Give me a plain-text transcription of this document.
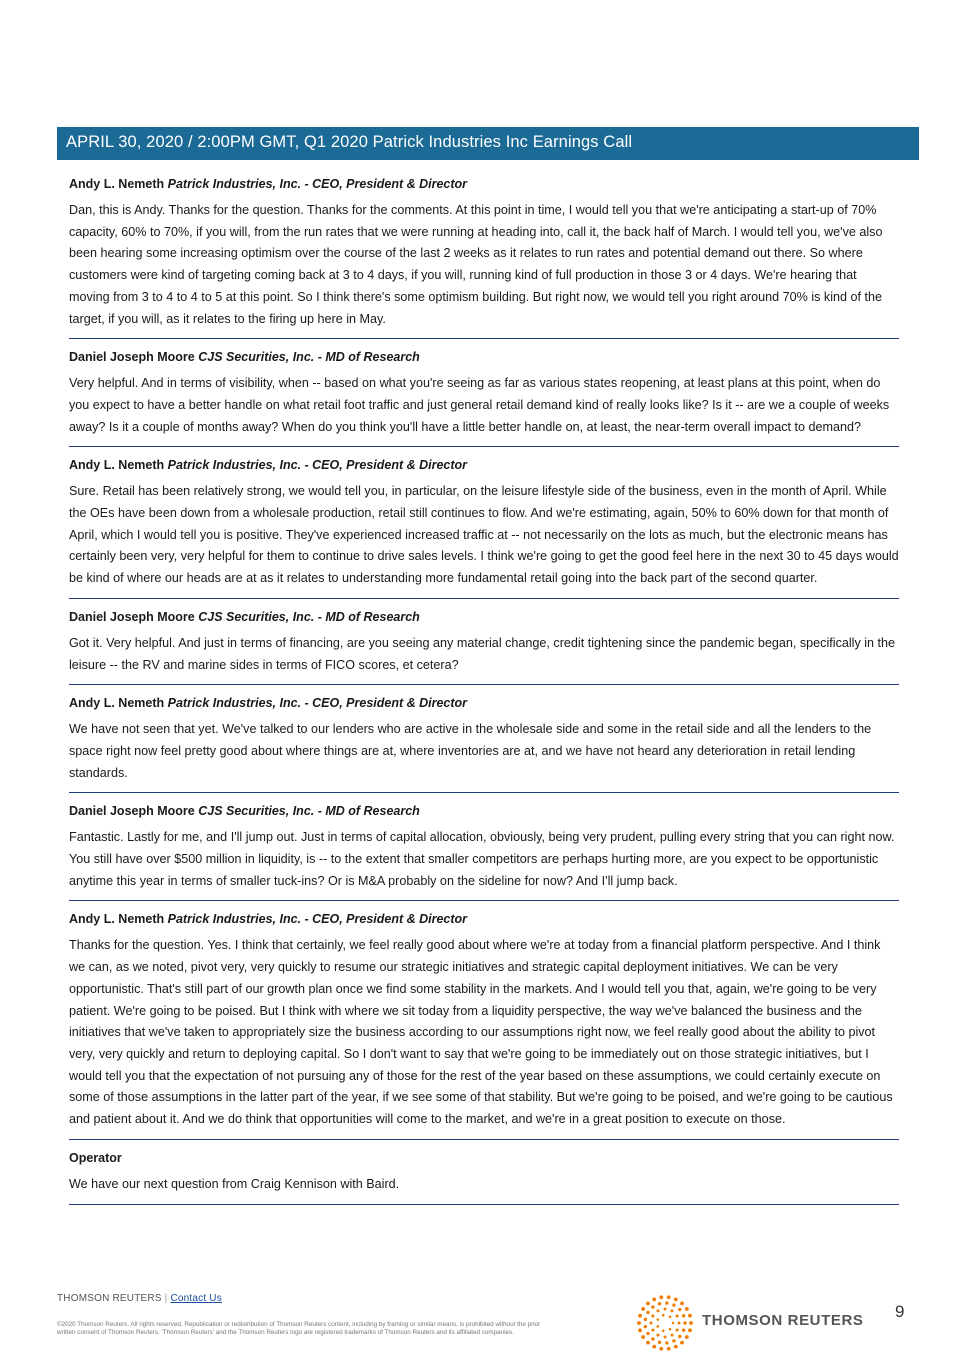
APRIL 30, 2020 / 2:00PM GMT, Q1 2020 Patrick Industries Inc Earnings Call

Andy L. Nemeth Patrick Industries, Inc. - CEO, President & Director

Dan, this is Andy. Thanks for the question. Thanks for the comments. At this point in time, I would tell you that we're anticipating a start-up of 70% capacity, 60% to 70%, if you will, from the run rates that we were running at heading into, call it, the back half of March. I would tell you, we've also been hearing some increasing optimism over the course of the last 2 weeks as it relates to run rates and potential demand out there. So where customers were kind of targeting coming back at 3 to 4 days, if you will, running kind of full production in those 3 or 4 days. We're hearing that moving from 3 to 4 to 4 to 5 at this point. So I think there's some optimism building. But right now, we would tell you right around 70% is kind of the target, if you will, as it relates to the firing up here in May.

Daniel Joseph Moore CJS Securities, Inc. - MD of Research

Very helpful. And in terms of visibility, when -- based on what you're seeing as far as various states reopening, at least plans at this point, when do you expect to have a better handle on what retail foot traffic and just general retail demand kind of really looks like? Is it -- are we a couple of weeks away? Is it a couple of months away? When do you think you'll have a little better handle on, at least, the near-term overall impact to demand?

Andy L. Nemeth Patrick Industries, Inc. - CEO, President & Director

Sure. Retail has been relatively strong, we would tell you, in particular, on the leisure lifestyle side of the business, even in the month of April. While the OEs have been down from a wholesale production, retail still continues to flow. And we're estimating, again, 50% to 60% down for that month of April, which I would tell you is positive. They've experienced increased traffic at -- not necessarily on the lots as much, but the electronic means has certainly been very, very helpful for them to continue to drive sales levels. I think we're going to get the good feel here in the next 30 to 45 days would be kind of where our heads are at as it relates to understanding more fundamental retail going into the back part of the second quarter.

Daniel Joseph Moore CJS Securities, Inc. - MD of Research

Got it. Very helpful. And just in terms of financing, are you seeing any material change, credit tightening since the pandemic began, specifically in the leisure -- the RV and marine sides in terms of FICO scores, et cetera?

Andy L. Nemeth Patrick Industries, Inc. - CEO, President & Director

We have not seen that yet. We've talked to our lenders who are active in the wholesale side and some in the retail side and all the lenders to the space right now feel pretty good about where things are at, where inventories are at, and we have not heard any deterioration in retail lending standards.

Daniel Joseph Moore CJS Securities, Inc. - MD of Research

Fantastic. Lastly for me, and I'll jump out. Just in terms of capital allocation, obviously, being very prudent, pulling every string that you can right now. You still have over $500 million in liquidity, is -- to the extent that smaller competitors are perhaps hurting more, are you expect to be opportunistic anytime this year in terms of smaller tuck-ins? Or is M&A probably on the sideline for now? And I'll jump back.

Andy L. Nemeth Patrick Industries, Inc. - CEO, President & Director

Thanks for the question. Yes. I think that certainly, we feel really good about where we're at today from a financial platform perspective. And I think we can, as we noted, pivot very, very quickly to resume our strategic initiatives and strategic capital deployment initiatives. We can be very opportunistic. That's still part of our growth plan once we find some stability in the markets. And I would tell you that, again, we're going to be very patient. We're going to be poised. But I think with where we sit today from a liquidity perspective, the way we've balanced the business and the initiatives that we've taken to appropriately size the business according to our assumptions right now, we feel really good about the ability to pivot very, very quickly and return to deploying capital. So I don't want to say that we're going to be immediately out on those strategic initiatives, but I would tell you that the expectation of not pursuing any of those for the rest of the year based on these assumptions, we could certainly execute on some of those assumptions in the latter part of the year, if we see some of that stability. But we're going to be poised, and we're going to be cautious and patient about it. And we do think that opportunities will come to the market, and we're in a great position to execute on those.

Operator

We have our next question from Craig Kennison with Baird.

THOMSON REUTERS | Contact Us
©2020 Thomson Reuters. All rights reserved. Republication or redistribution of Thomson Reuters content, including by framing or similar means, is prohibited without the prior written consent of Thomson Reuters. 'Thomson Reuters' and the Thomson Reuters logo are registered trademarks of Thomson Reuters and its affiliated companies.
THOMSON REUTERS 9
